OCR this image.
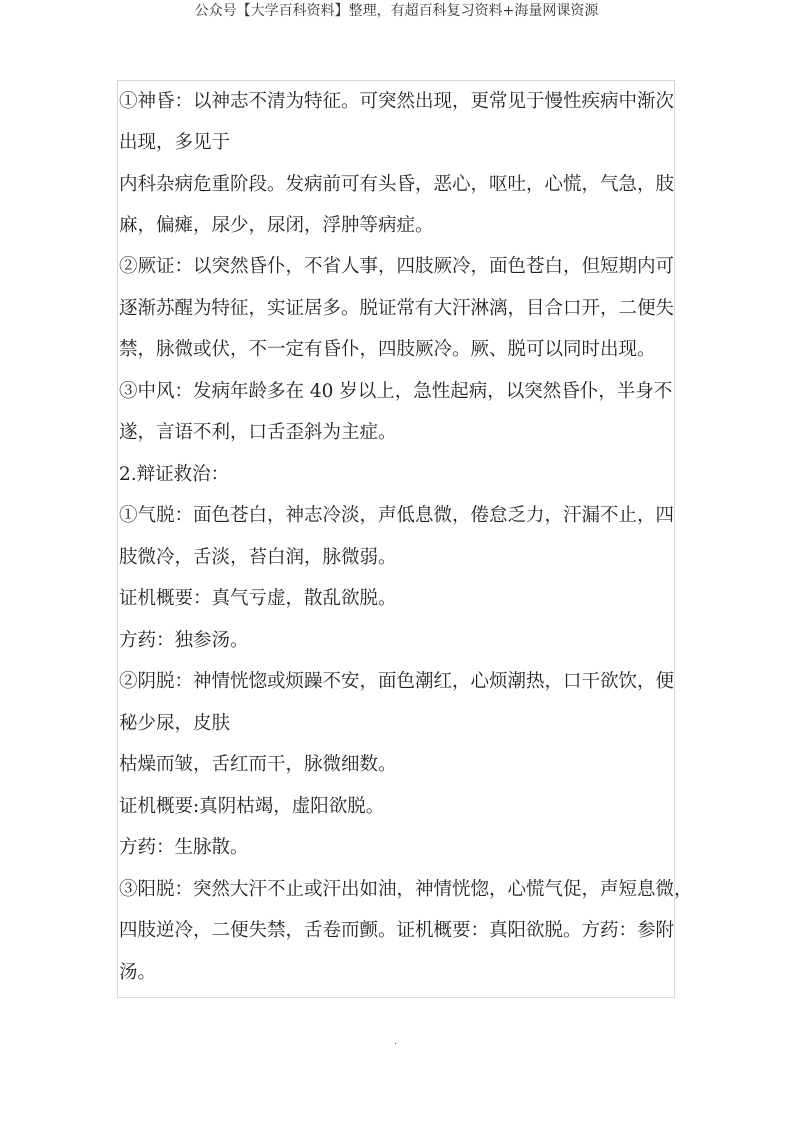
公众号【大学百科资料】整理，有超百科复习资料+海量网课资源
①神昏：以神志不清为特征。可突然出现，更常见于慢性疾病中渐次
出现，多见于
内科杂病危重阶段。发病前可有头昏，恶心，呕吐，心慌，气急，肢
麻，偏瘫，尿少，尿闭，浮肿等病症。
②厥证：以突然昏仆，不省人事，四肢厥冷，面色苍白，但短期内可
逐渐苏醒为特征，实证居多。脱证常有大汗淋漓，目合口开，二便失
禁，脉微或伏，不一定有昏仆，四肢厥冷。厥、脱可以同时出现。
③中风：发病年龄多在 40 岁以上，急性起病，以突然昏仆，半身不
遂，言语不利，口舌歪斜为主症。
2.辩证救治：
①气脱：面色苍白，神志冷淡，声低息微，倦怠乏力，汗漏不止，四
肢微冷，舌淡，苔白润，脉微弱。
证机概要：真气亏虚，散乱欲脱。
方药：独参汤。
②阴脱：神情恍惚或烦躁不安，面色潮红，心烦潮热，口干欲饮，便
秘少尿，皮肤
枯燥而皱，舌红而干，脉微细数。
证机概要:真阴枯竭，虚阳欲脱。
方药：生脉散。
③阳脱：突然大汗不止或汗出如油，神情恍惚，心慌气促，声短息微，
四肢逆冷，二便失禁，舌卷而颤。证机概要：真阳欲脱。方药：参附
汤。
.
